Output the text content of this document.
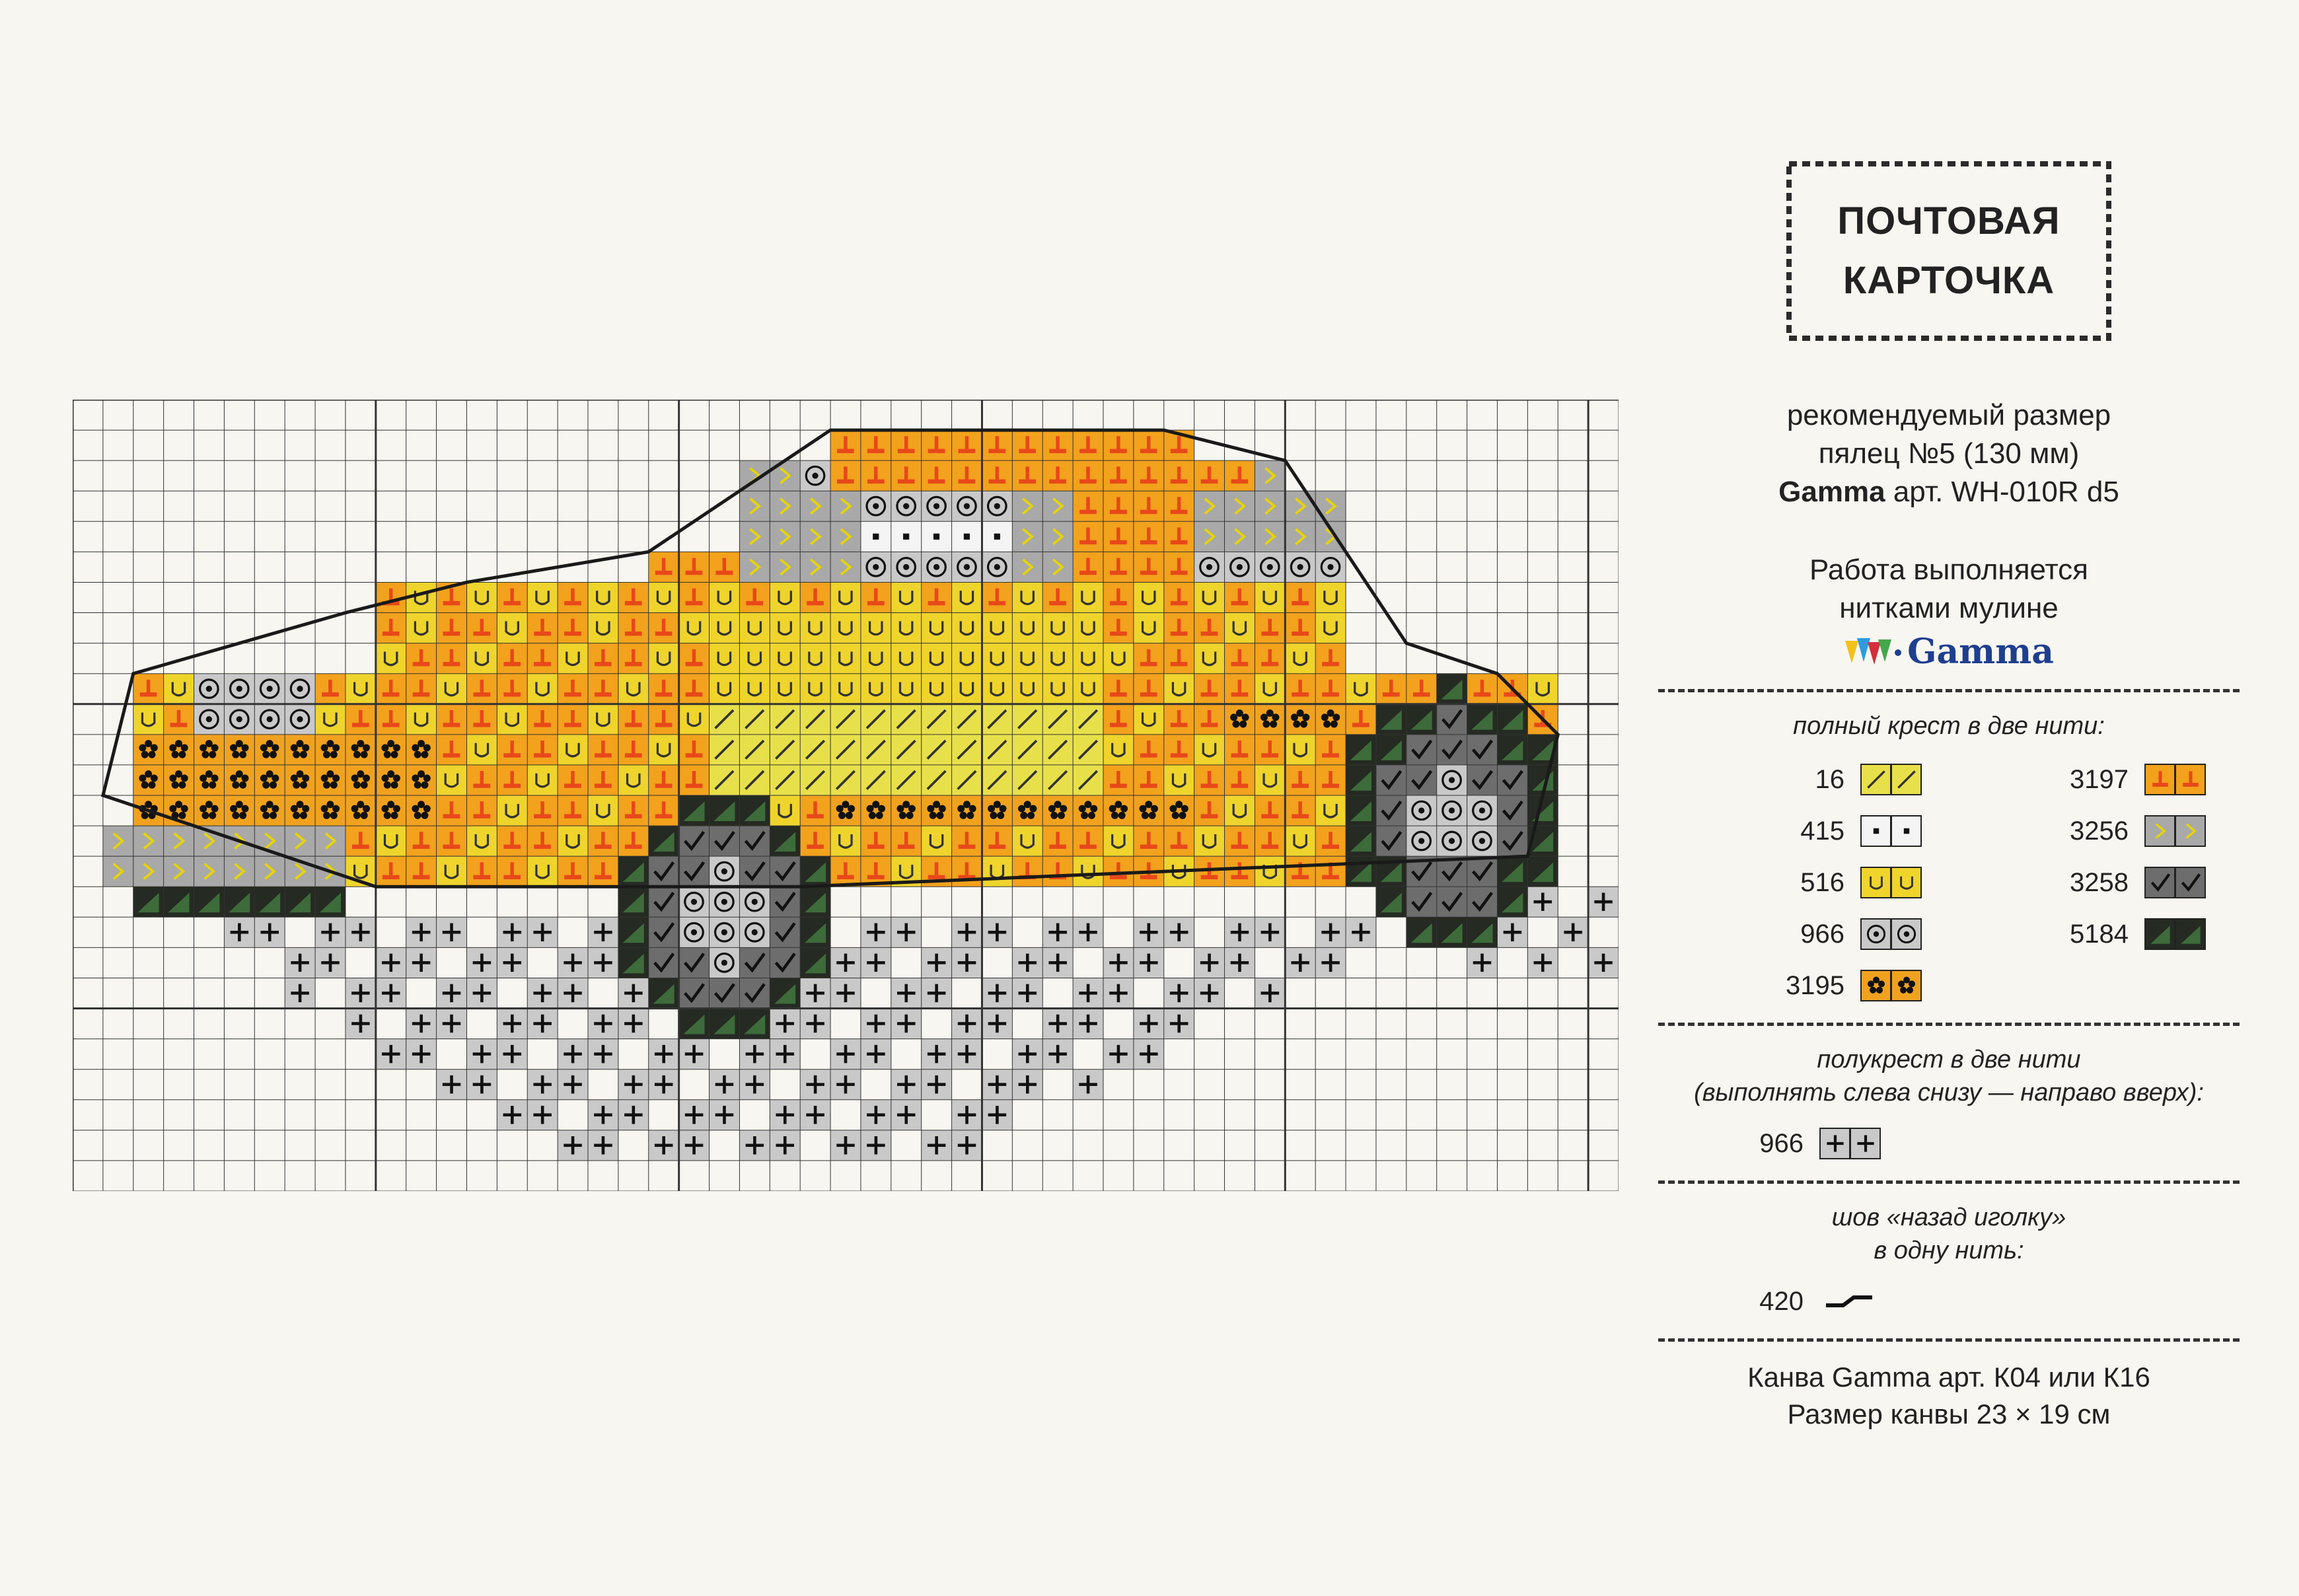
ПОЧТОВАЯ
КАРТОЧКА
рекомендуемый размер
пялец №5 (130 мм)
Gamma арт. WH-010R d5
Работа выполняется
нитками мулине
Gamma
полный крест в две нити:
16	3197
415	3256
516	3258
966	5184
3195
полукрест в две нити
(выполнять слева снизу — направо вверх):
966
шов «назад иголку»
в одну нить:
420
Канва Gamma арт. К04 или К16
Размер канвы 23 × 19 см
